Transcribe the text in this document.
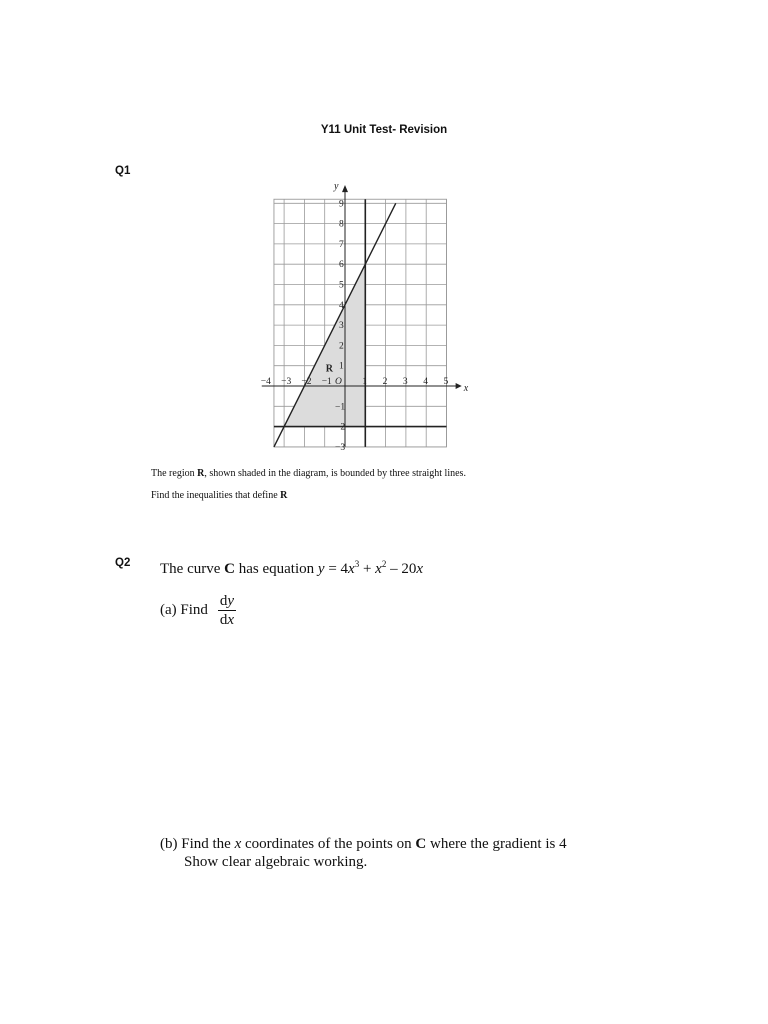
Y11 Unit Test- Revision
Q1
−4 −3 −2 −1	1 2 3 4 5
−3
−2
−1
1
2
3
4
5
6
7
8
9
O
x
y
R

The region R, shown shaded in the diagram, is bounded by three straight lines.

Find the inequalities that define R

Q2 The curve C has equation $y = 4x^3 + x^2 - 20x$
(a) Find $\frac{dy}{dx}$

(b) Find the x coordinates of the points on C where the gradient is 4

Show clear algebraic working.
